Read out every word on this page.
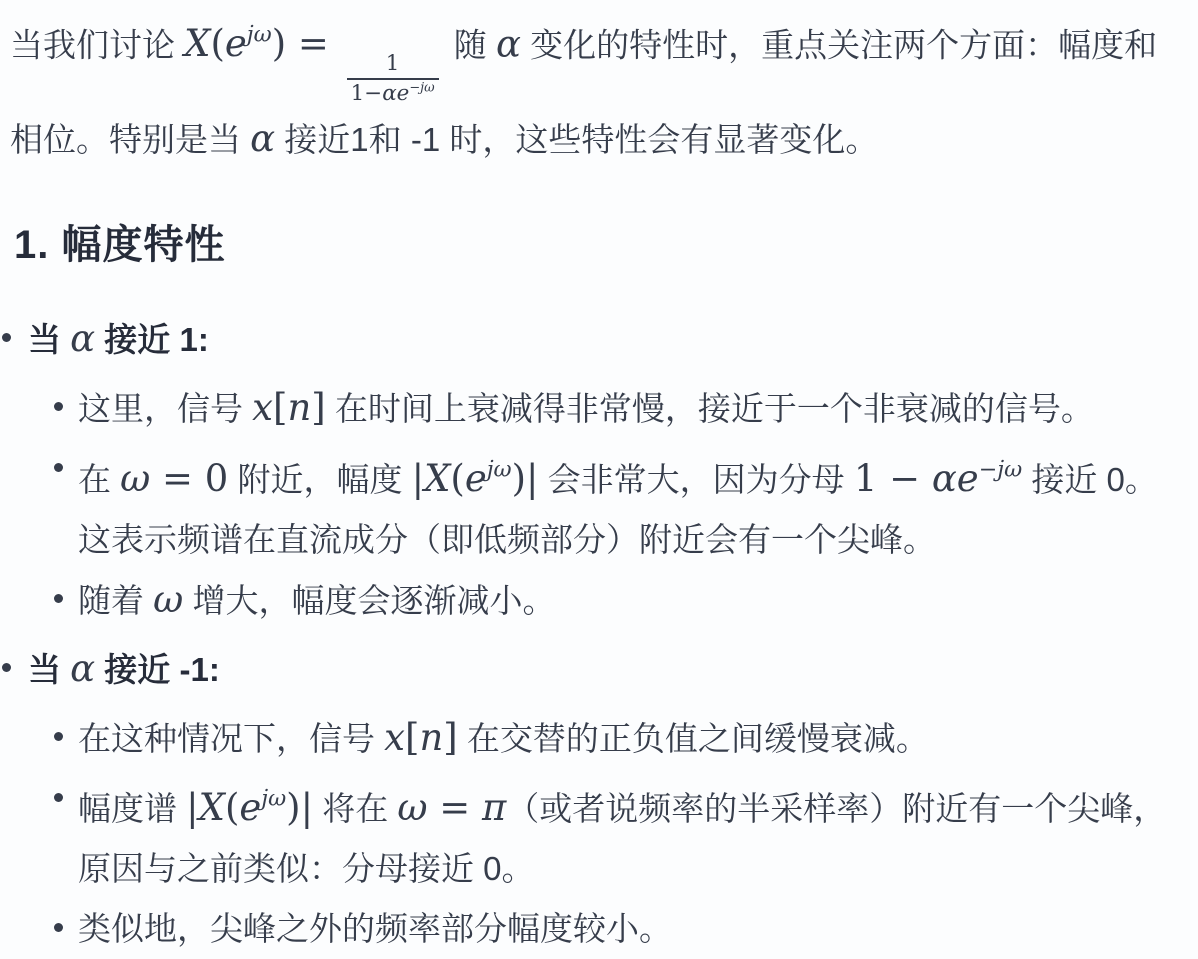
当我们讨论 $X(e^{j\omega})$ =
$\frac{1}{1-\alpha e^{-j\omega}}$
随 α 变化的特性时，重点关注两个方面：幅度和相位。特别是当 α 接近1和 -1 时，这些特性会有显著变化。

1. 幅度特性
当 α 接近 1:
这里，信号 x[n] 在时间上衰减得非常慢，接近于一个非衰减的信号。
在 ω = 0 附近，幅度 $|X(e^{j\omega})|$ 会非常大，因为分母 $1 - \alpha e^{-j\omega}$ 接近 0。这表示频谱在直流成分（即低频部分）附近会有一个尖峰。
随着 ω 增大，幅度会逐渐减小。
当 α 接近 -1:
在这种情况下，信号 x[n] 在交替的正负值之间缓慢衰减。
幅度谱 $|X(e^{j\omega})|$ 将在 ω = π（或者说频率的半采样率）附近有一个尖峰，原因与之前类似：分母接近 0。
类似地，尖峰之外的频率部分幅度较小。
